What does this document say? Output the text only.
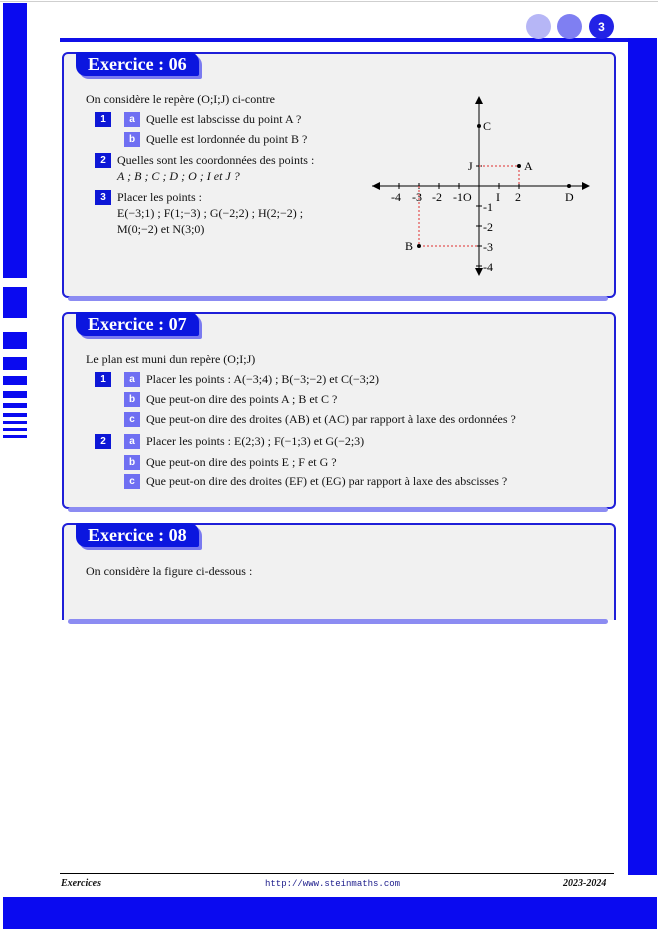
3
Exercice : 06
On considère le repère (O;I;J) ci-contre
1	a Quelle est labscisse du point A ?
b Quelle est lordonnée du point B ?
2 Quelles sont les coordonnées des points :
A ; B ; C ; D ; O ; I et J ?
3 Placer les points :
E(−3;1) ; F(1;−3) ; G(−2;2) ; H(2;−2) ;
M(0;−2) et N(3;0)
-4 -3 -2 -1O I 2
-1
-2
-3
-4
C
J	A
D
B
Exercice : 07
Le plan est muni dun repère (O;I;J)
1	a Placer les points : A(−3;4) ; B(−3;−2) et C(−3;2)
b Que peut-on dire des points A ; B et C ?
c Que peut-on dire des droites (AB) et (AC) par rapport à laxe des ordonnées ?
2	a Placer les points : E(2;3) ; F(−1;3) et G(−2;3)
b Que peut-on dire des points E ; F et G ?
c Que peut-on dire des droites (EF) et (EG) par rapport à laxe des abscisses ?
Exercice : 08
On considère la figure ci-dessous :
Exercices	http://www.steinmaths.com	2023-2024
